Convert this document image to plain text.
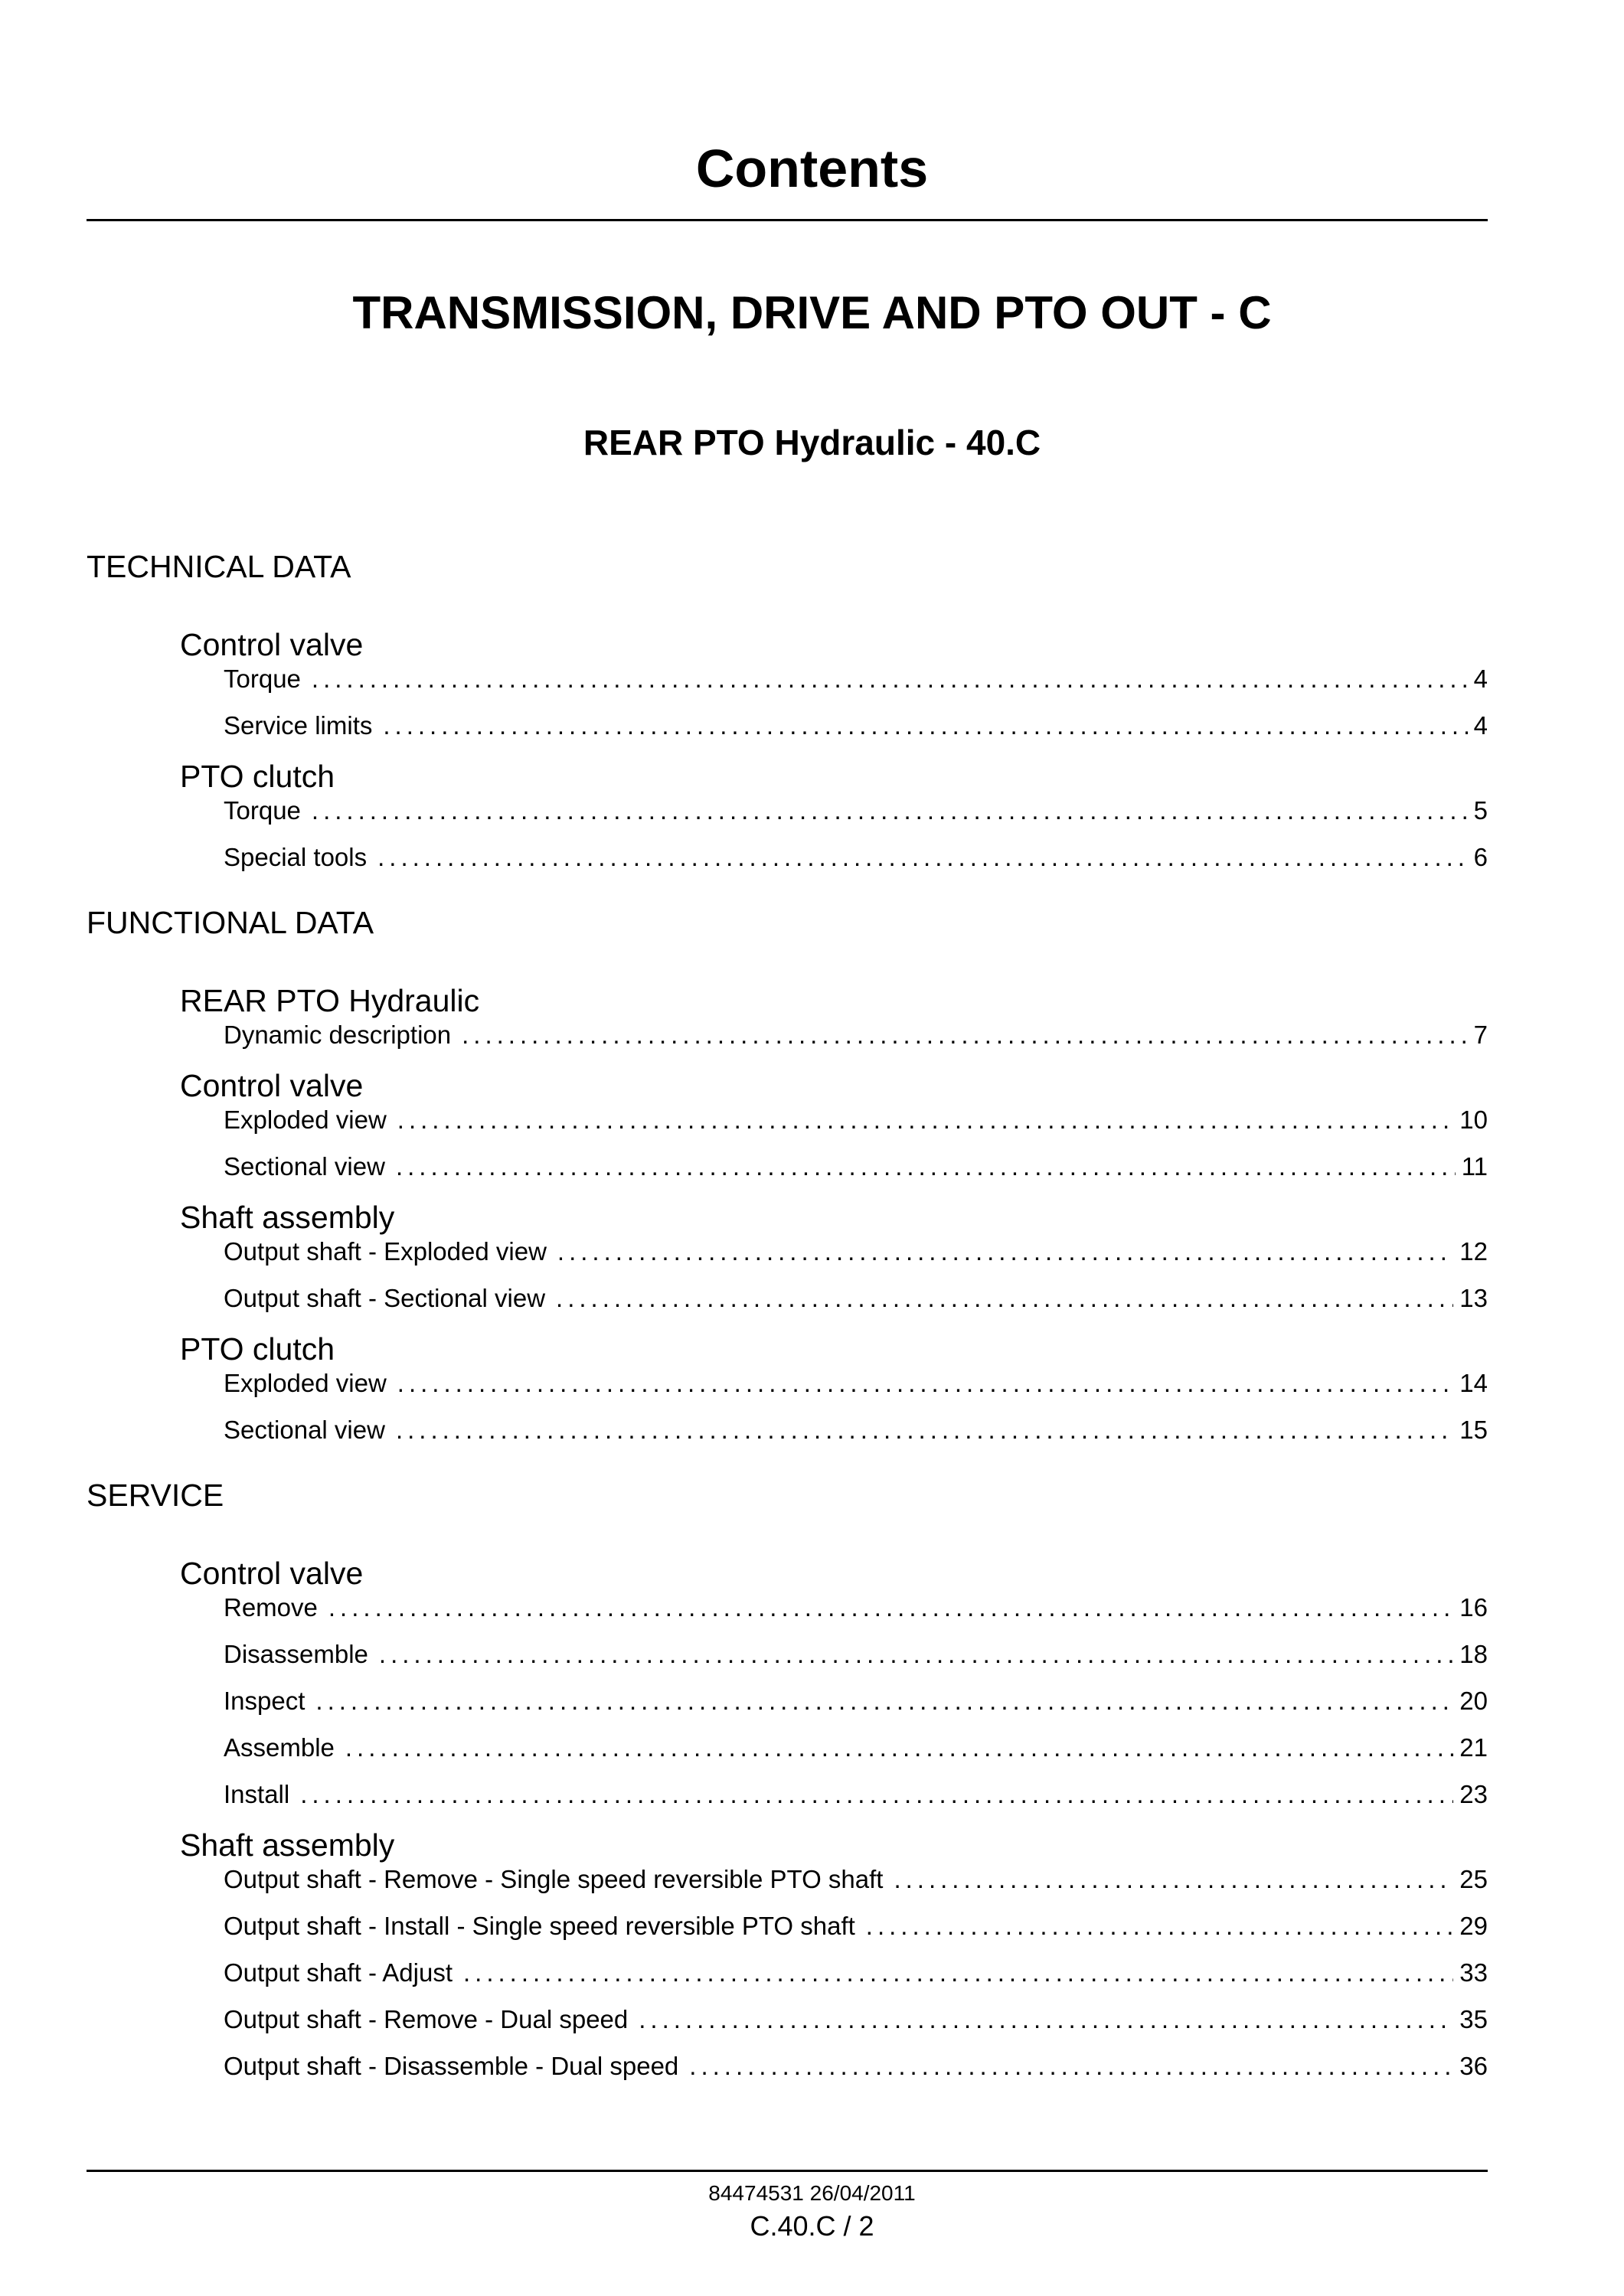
Contents
TRANSMISSION, DRIVE AND PTO OUT - C
REAR PTO Hydraulic - 40.C
TECHNICAL DATA
Control valve
Torque .....	4
Service limits .....	4
PTO clutch
Torque .....	5
Special tools .....	6
FUNCTIONAL DATA
REAR PTO Hydraulic
Dynamic description .....	7
Control valve
Exploded view .....	10
Sectional view .....	11
Shaft assembly
Output shaft - Exploded view .....	12
Output shaft - Sectional view .....	13
PTO clutch
Exploded view .....	14
Sectional view .....	15
SERVICE
Control valve
Remove .....	16
Disassemble .....	18
Inspect .....	20
Assemble .....	21
Install .....	23
Shaft assembly
Output shaft - Remove - Single speed reversible PTO shaft .....	25
Output shaft - Install - Single speed reversible PTO shaft .....	29
Output shaft - Adjust .....	33
Output shaft - Remove - Dual speed .....	35
Output shaft - Disassemble - Dual speed .....	36
84474531 26/04/2011
C.40.C / 2
